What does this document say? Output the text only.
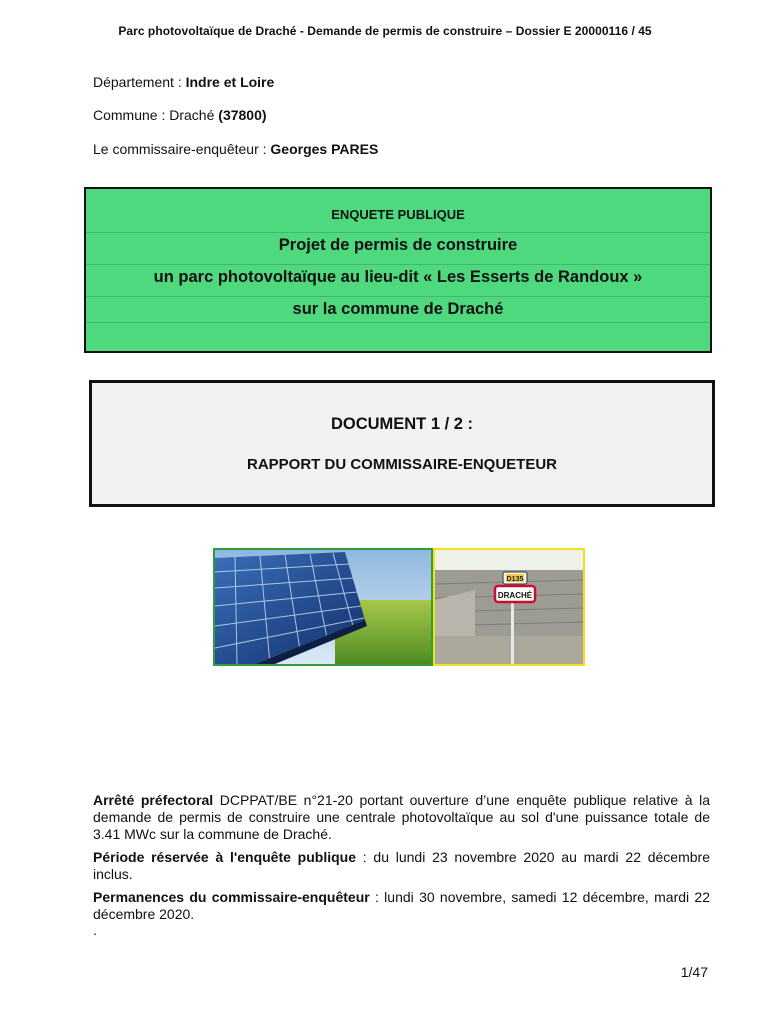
Parc photovoltaïque de Draché - Demande de permis de construire – Dossier E 20000116 / 45
Département : Indre et Loire
Commune : Draché (37800)
Le commissaire-enquêteur : Georges PARES
ENQUETE PUBLIQUE
Projet de permis de construire
un parc photovoltaïque au lieu-dit « Les Esserts de Randoux »
sur la commune de Draché
DOCUMENT 1 / 2 :
RAPPORT DU COMMISSAIRE-ENQUETEUR
D135
DRACHÉ
Arrêté préfectoral DCPPAT/BE n°21-20 portant ouverture d’une enquête publique relative à la demande de permis de construire une centrale photovoltaïque au sol d'une puissance totale de 3.41 MWc sur la commune de Draché.
Période réservée à l'enquête publique : du lundi 23 novembre 2020 au mardi 22 décembre inclus.
Permanences du commissaire-enquêteur : lundi 30 novembre, samedi 12 décembre, mardi 22 décembre 2020.
.
1/47
